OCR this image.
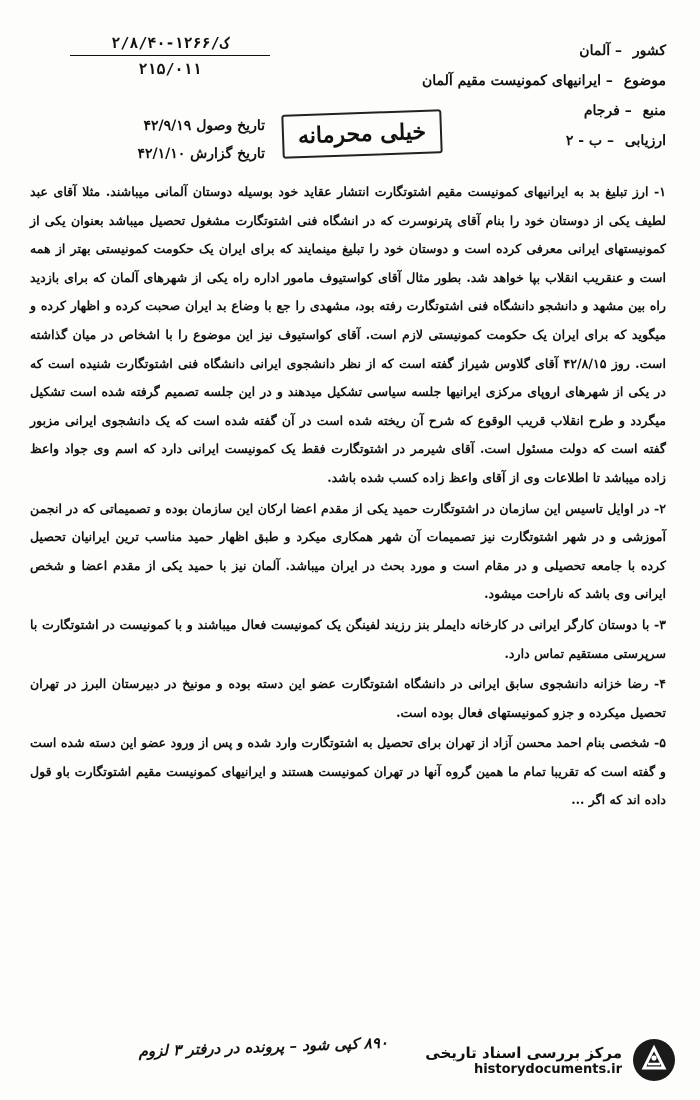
۲/۸/۴۰-ک/۱۲۶۶
۲۱۵/۰۱۱
تاریخ وصول ۴۲/۹/۱۹
تاریخ گزارش ۴۲/۱/۱۰
خیلی محرمانه
کشور – آلمان
موضوع – ایرانیهای کمونیست مقیم آلمان
منبع – فرجام
ارزیابی – ب - ۲

۱- ارز تبلیغ بد به ایرانیهای کمونیست مقیم اشتوتگارت انتشار عقاید خود بوسیله دوستان آلمانی میباشند. مثلا آقای عبد لطیف یکی از دوستان خود را بنام آقای پترنوسرت که در انشگاه فنی اشتوتگارت مشغول تحصیل میباشد بعنوان یکی از کمونیستهای ایرانی معرفی کرده است و دوستان خود را تبلیغ مینمایند که برای ایران یک حکومت کمونیستی بهتر از همه است و عنقریب انقلاب بپا خواهد شد. بطور مثال آقای کواستیوف مامور اداره راه یکی از شهرهای آلمان که برای بازدید راه بین مشهد و دانشجو دانشگاه فنی اشتوتگارت رفته بود، مشهدی را جع با وضاع بد ایران صحبت کرده و اظهار کرده و میگوید که برای ایران یک حکومت کمونیستی لازم است. آقای کواستیوف نیز این موضوع را با اشخاص در میان گذاشته است. روز ۴۲/۸/۱۵ آقای گلاوس شیراز گفته است که از نظر دانشجوی ایرانی دانشگاه فنی اشتوتگارت شنیده است که در یکی از شهرهای اروپای مرکزی ایرانیها جلسه سیاسی تشکیل میدهند و در این جلسه تصمیم گرفته شده است تشکیل میگردد و طرح انقلاب قریب الوقوع که شرح آن ریخته شده است در آن گفته شده است که یک دانشجوی ایرانی مزبور گفته است که دولت مسئول است. آقای شیرمر در اشتوتگارت فقط یک کمونیست ایرانی دارد که اسم وی جواد واعظ زاده میباشد تا اطلاعات وی از آقای واعظ زاده کسب شده باشد.

۲- در اوایل تاسیس این سازمان در اشتوتگارت حمید یکی از مقدم اعضا ارکان این سازمان بوده و تصمیماتی که در انجمن آموزشی و در شهر اشتوتگارت نیز تصمیمات آن شهر همکاری میکرد و طبق اظهار حمید مناسب ترین ایرانیان تحصیل کرده با جامعه تحصیلی و در مقام است و مورد بحث در ایران میباشد. آلمان نیز با حمید یکی از مقدم اعضا و شخص ایرانی وی باشد که ناراحت میشود.

۳- با دوستان کارگر ایرانی در کارخانه دایملر بنز رزیند لفینگن یک کمونیست فعال میباشند و با کمونیست در اشتوتگارت با سرپرستی مستقیم تماس دارد.

۴- رضا خزانه دانشجوی سابق ایرانی در دانشگاه اشتوتگارت عضو این دسته بوده و مونیخ در دبیرستان البرز در تهران تحصیل میکرده و جزو کمونیستهای فعال بوده است.

۵- شخصی بنام احمد محسن آزاد از تهران برای تحصیل به اشتوتگارت وارد شده و پس از ورود عضو این دسته شده است و گفته است که تقریبا تمام ما همین گروه آنها در تهران کمونیست هستند و ایرانیهای کمونیست مقیم اشتوتگارت باو قول داده اند که اگر ...

۸۹۰ کپی شود – پرونده در درفتر ۳ لزوم مرکز بررسی اسناد تاریخی
historydocuments.ir
